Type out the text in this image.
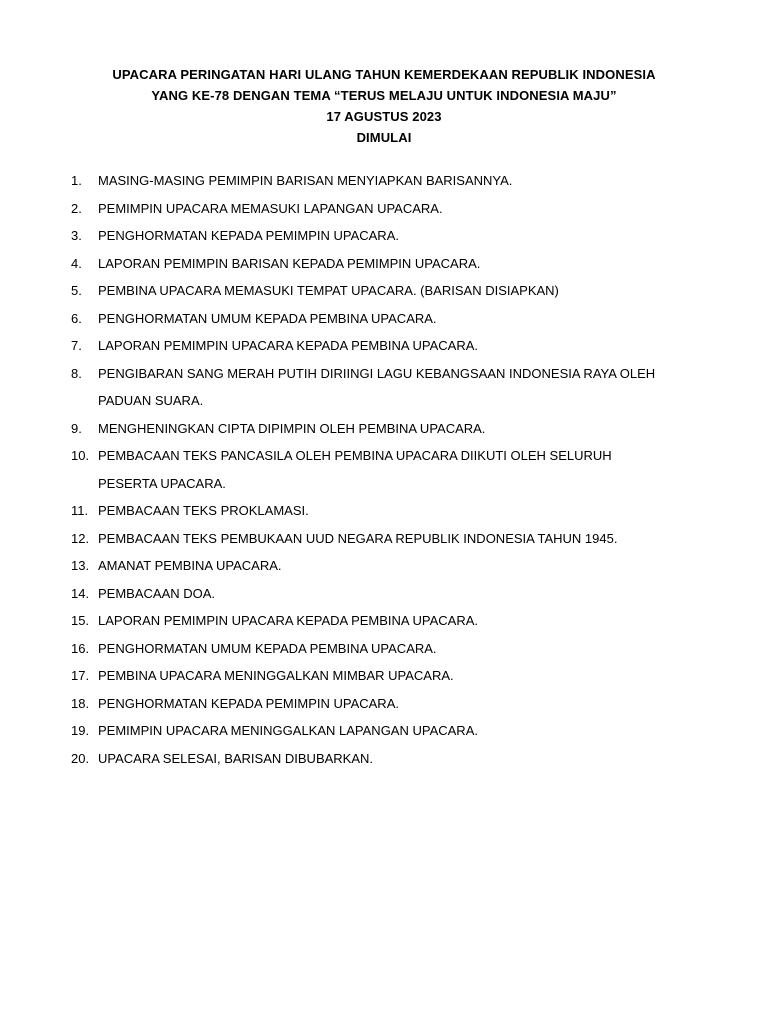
UPACARA PERINGATAN HARI ULANG TAHUN KEMERDEKAAN REPUBLIK INDONESIA
YANG KE-78 DENGAN TEMA “TERUS MELAJU UNTUK INDONESIA MAJU”
17 AGUSTUS 2023
DIMULAI
1.	MASING-MASING PEMIMPIN BARISAN MENYIAPKAN BARISANNYA.
2.	PEMIMPIN UPACARA MEMASUKI LAPANGAN UPACARA.
3.	PENGHORMATAN KEPADA PEMIMPIN UPACARA.
4.	LAPORAN PEMIMPIN BARISAN KEPADA PEMIMPIN UPACARA.
5.	PEMBINA UPACARA MEMASUKI TEMPAT UPACARA. (BARISAN DISIAPKAN)
6.	PENGHORMATAN UMUM KEPADA PEMBINA UPACARA.
7.	LAPORAN PEMIMPIN UPACARA KEPADA PEMBINA UPACARA.
8.	PENGIBARAN SANG MERAH PUTIH DIRIINGI LAGU KEBANGSAAN INDONESIA RAYA OLEH
PADUAN SUARA.
9.	MENGHENINGKAN CIPTA DIPIMPIN OLEH PEMBINA UPACARA.
10. PEMBACAAN TEKS PANCASILA OLEH PEMBINA UPACARA DIIKUTI OLEH SELURUH
PESERTA UPACARA.
11. PEMBACAAN TEKS PROKLAMASI.
12. PEMBACAAN TEKS PEMBUKAAN UUD NEGARA REPUBLIK INDONESIA TAHUN 1945.
13. AMANAT PEMBINA UPACARA.
14. PEMBACAAN DOA.
15. LAPORAN PEMIMPIN UPACARA KEPADA PEMBINA UPACARA.
16. PENGHORMATAN UMUM KEPADA PEMBINA UPACARA.
17. PEMBINA UPACARA MENINGGALKAN MIMBAR UPACARA.
18. PENGHORMATAN KEPADA PEMIMPIN UPACARA.
19. PEMIMPIN UPACARA MENINGGALKAN LAPANGAN UPACARA.
20. UPACARA SELESAI, BARISAN DIBUBARKAN.
